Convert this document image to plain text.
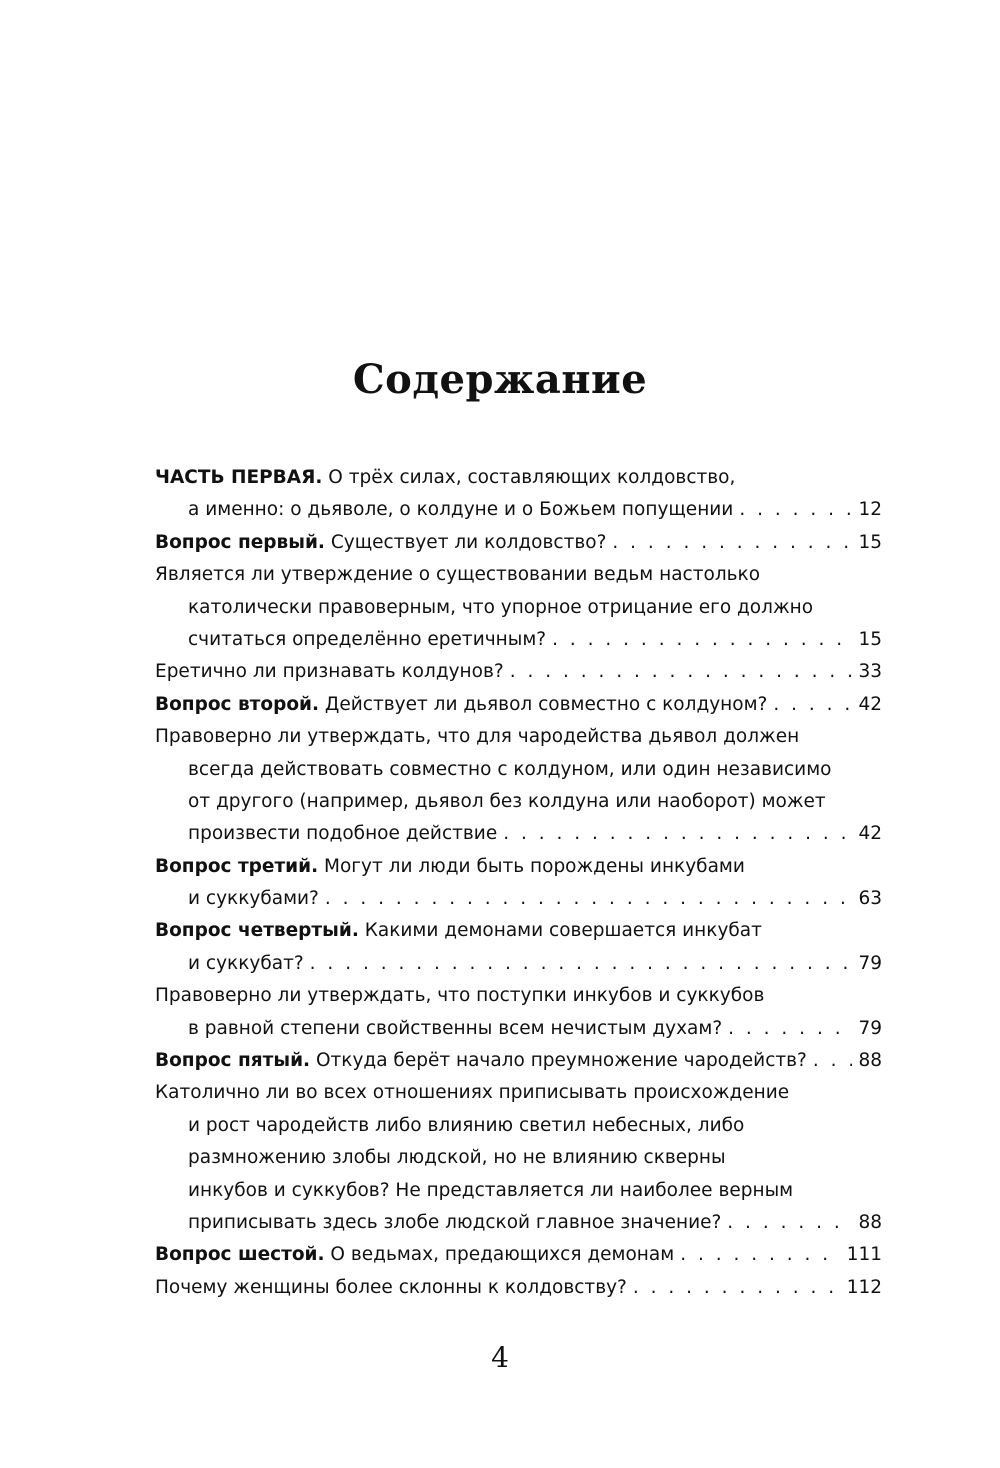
Содержание
ЧАСТЬ ПЕРВАЯ. О трёх силах, составляющих колдовство,
а именно: о дьяволе, о колдуне и о Божьем попущении . . .	12
Вопрос первый. Существует ли колдовство? . . .	15
Является ли утверждение о существовании ведьм настолько
католически правоверным, что упорное отрицание его должно
считаться определённо еретичным? . . .	15
Еретично ли признавать колдунов? . . .	33
Вопрос второй. Действует ли дьявол совместно с колдуном? . . .	42
Правоверно ли утверждать, что для чародейства дьявол должен
всегда действовать совместно с колдуном, или один независимо
от другого (например, дьявол без колдуна или наоборот) может
произвести подобное действие . . .	42
Вопрос третий. Могут ли люди быть порождены инкубами
и суккубами? . . .	63
Вопрос четвертый. Какими демонами совершается инкубат
и суккубат? . . .	79
Правоверно ли утверждать, что поступки инкубов и суккубов
в равной степени свойственны всем нечистым духам? . . .	79
Вопрос пятый. Откуда берёт начало преумножение чародейств? . . .	88
Католично ли во всех отношениях приписывать происхождение
и рост чародейств либо влиянию светил небесных, либо
размножению злобы людской, но не влиянию скверны
инкубов и суккубов? Не представляется ли наиболее верным
приписывать здесь злобе людской главное значение? . . .	88
Вопрос шестой. О ведьмах, предающихся демонам . . .	111
Почему женщины более склонны к колдовству? . . .	112
4
